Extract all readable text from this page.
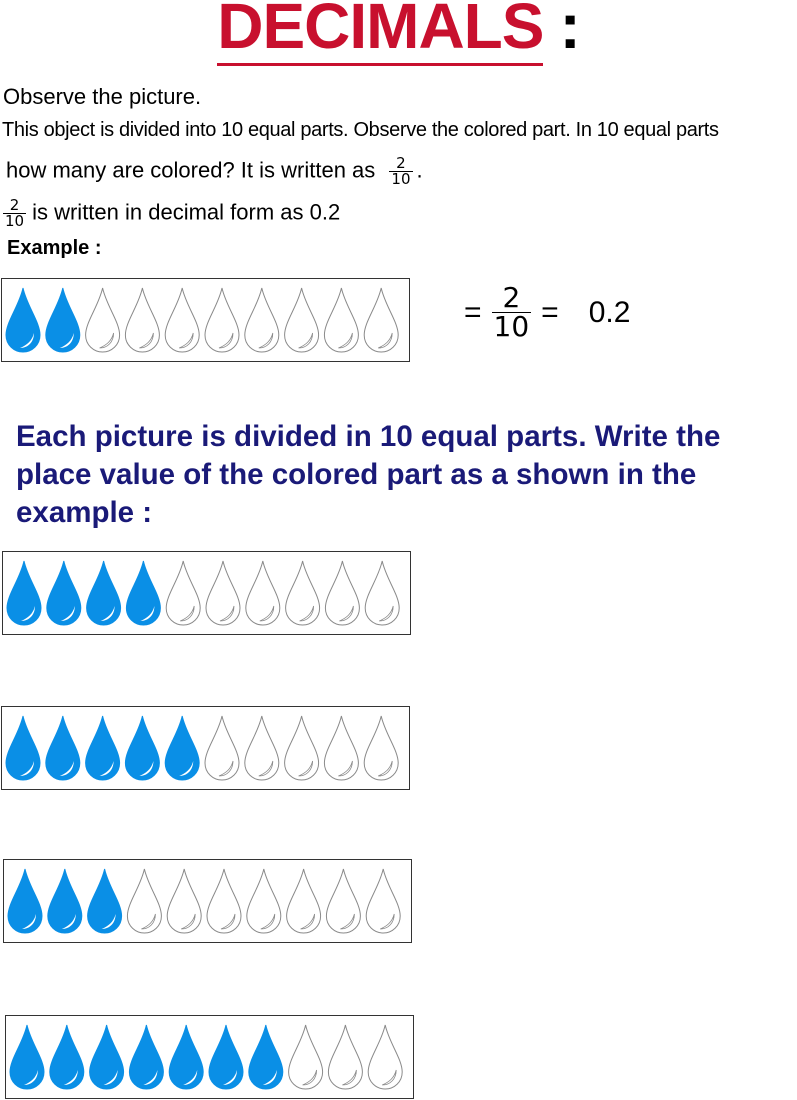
DECIMALS :
Observe the picture.
This object is divided into 10 equal parts. Observe the colored part. In 10 equal parts
how many are colored? It is written as $\frac{2}{10}$ .
$\frac{2}{10}$ is written in decimal form as 0.2
Example :
= $\frac{2}{10} = 0.2$
Each picture is divided in 10 equal parts. Write the place value of the colored part as a shown in the example :
